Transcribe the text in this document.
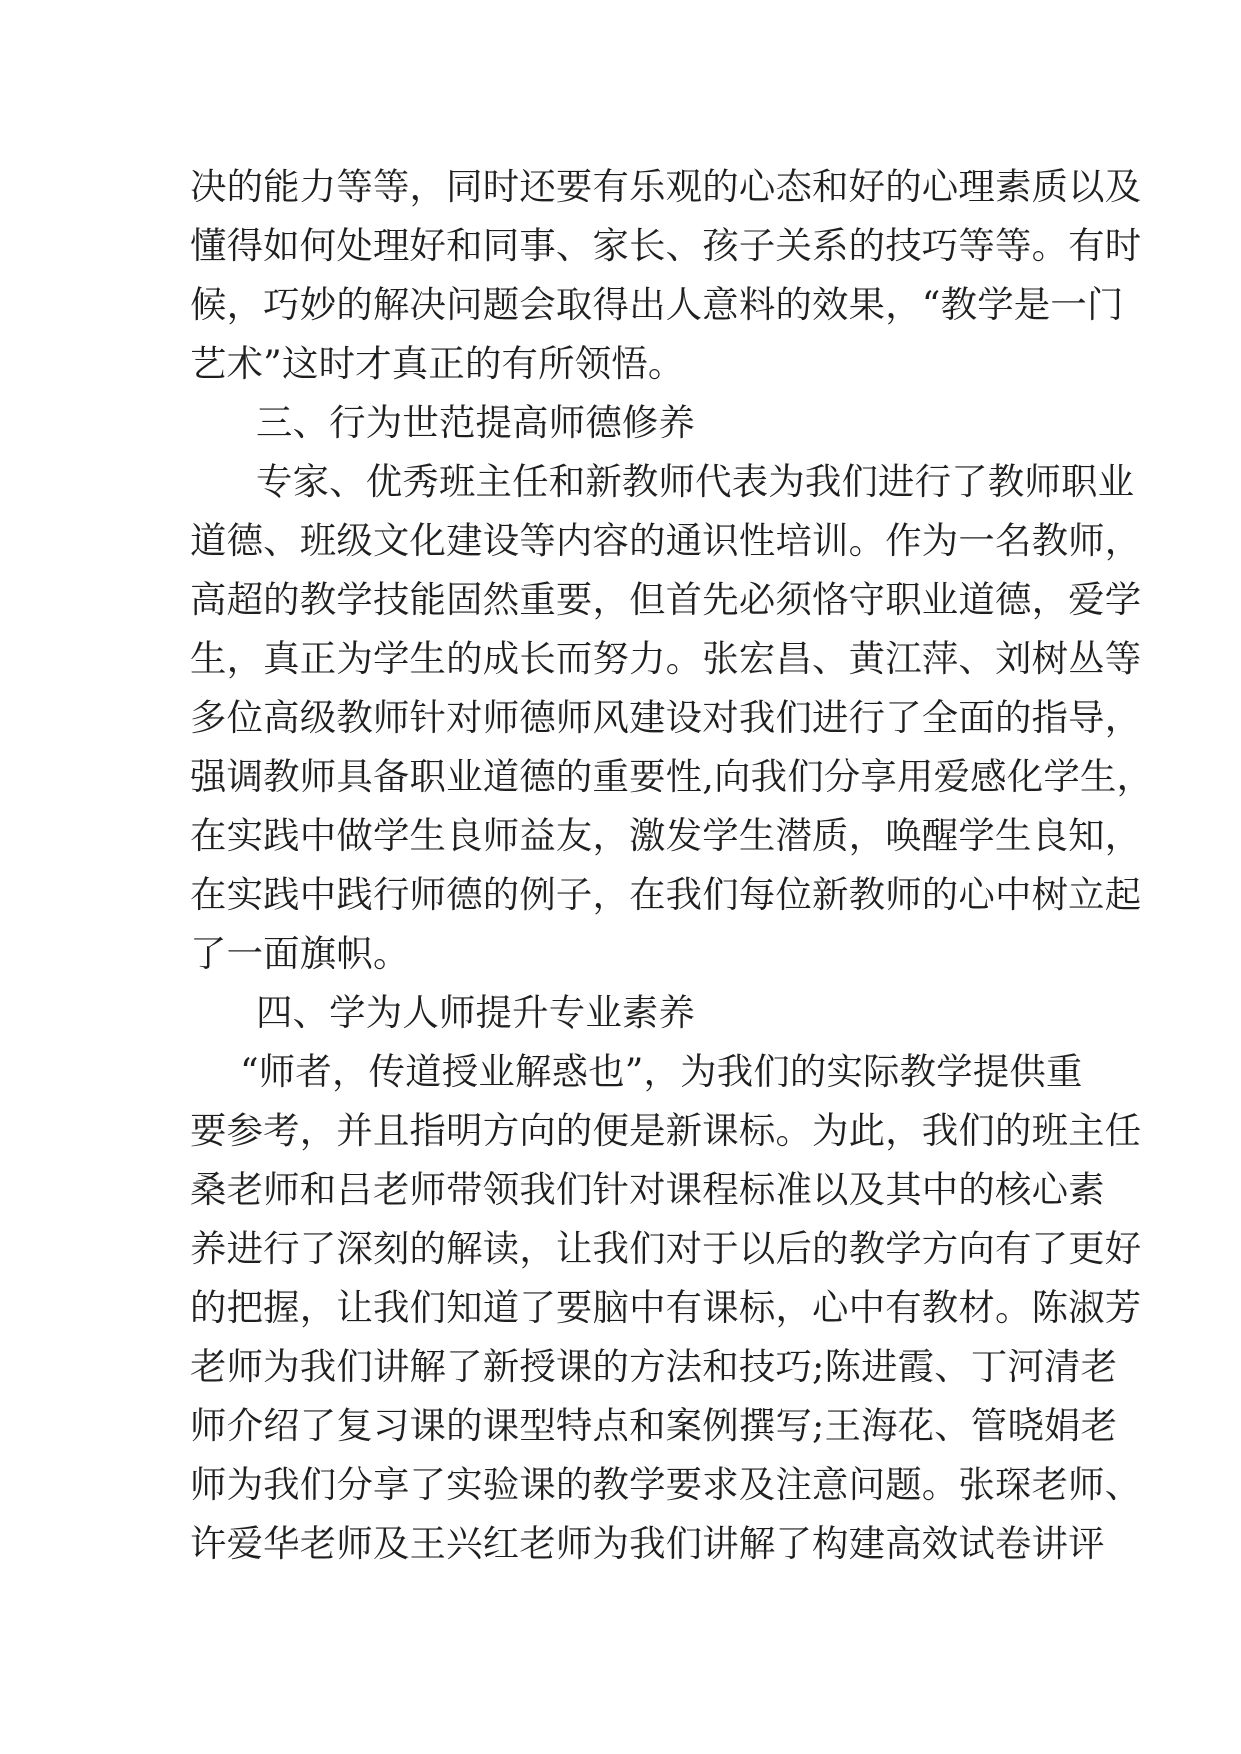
决的能力等等，同时还要有乐观的心态和好的心理素质以及
懂得如何处理好和同事、家长、孩子关系的技巧等等。有时
候，巧妙的解决问题会取得出人意料的效果，“教学是一门
艺术”这时才真正的有所领悟。
三、行为世范提高师德修养
专家、优秀班主任和新教师代表为我们进行了教师职业
道德、班级文化建设等内容的通识性培训。作为一名教师，
高超的教学技能固然重要，但首先必须恪守职业道德，爱学
生，真正为学生的成长而努力。张宏昌、黄江萍、刘树丛等
多位高级教师针对师德师风建设对我们进行了全面的指导，
强调教师具备职业道德的重要性,向我们分享用爱感化学生，
在实践中做学生良师益友，激发学生潜质，唤醒学生良知，
在实践中践行师德的例子，在我们每位新教师的心中树立起
了一面旗帜。
四、学为人师提升专业素养
“师者，传道授业解惑也”，为我们的实际教学提供重
要参考，并且指明方向的便是新课标。为此，我们的班主任
桑老师和吕老师带领我们针对课程标准以及其中的核心素
养进行了深刻的解读，让我们对于以后的教学方向有了更好
的把握，让我们知道了要脑中有课标，心中有教材。陈淑芳
老师为我们讲解了新授课的方法和技巧;陈进霞、丁河清老
师介绍了复习课的课型特点和案例撰写;王海花、管晓娟老
师为我们分享了实验课的教学要求及注意问题。张琛老师、
许爱华老师及王兴红老师为我们讲解了构建高效试卷讲评
